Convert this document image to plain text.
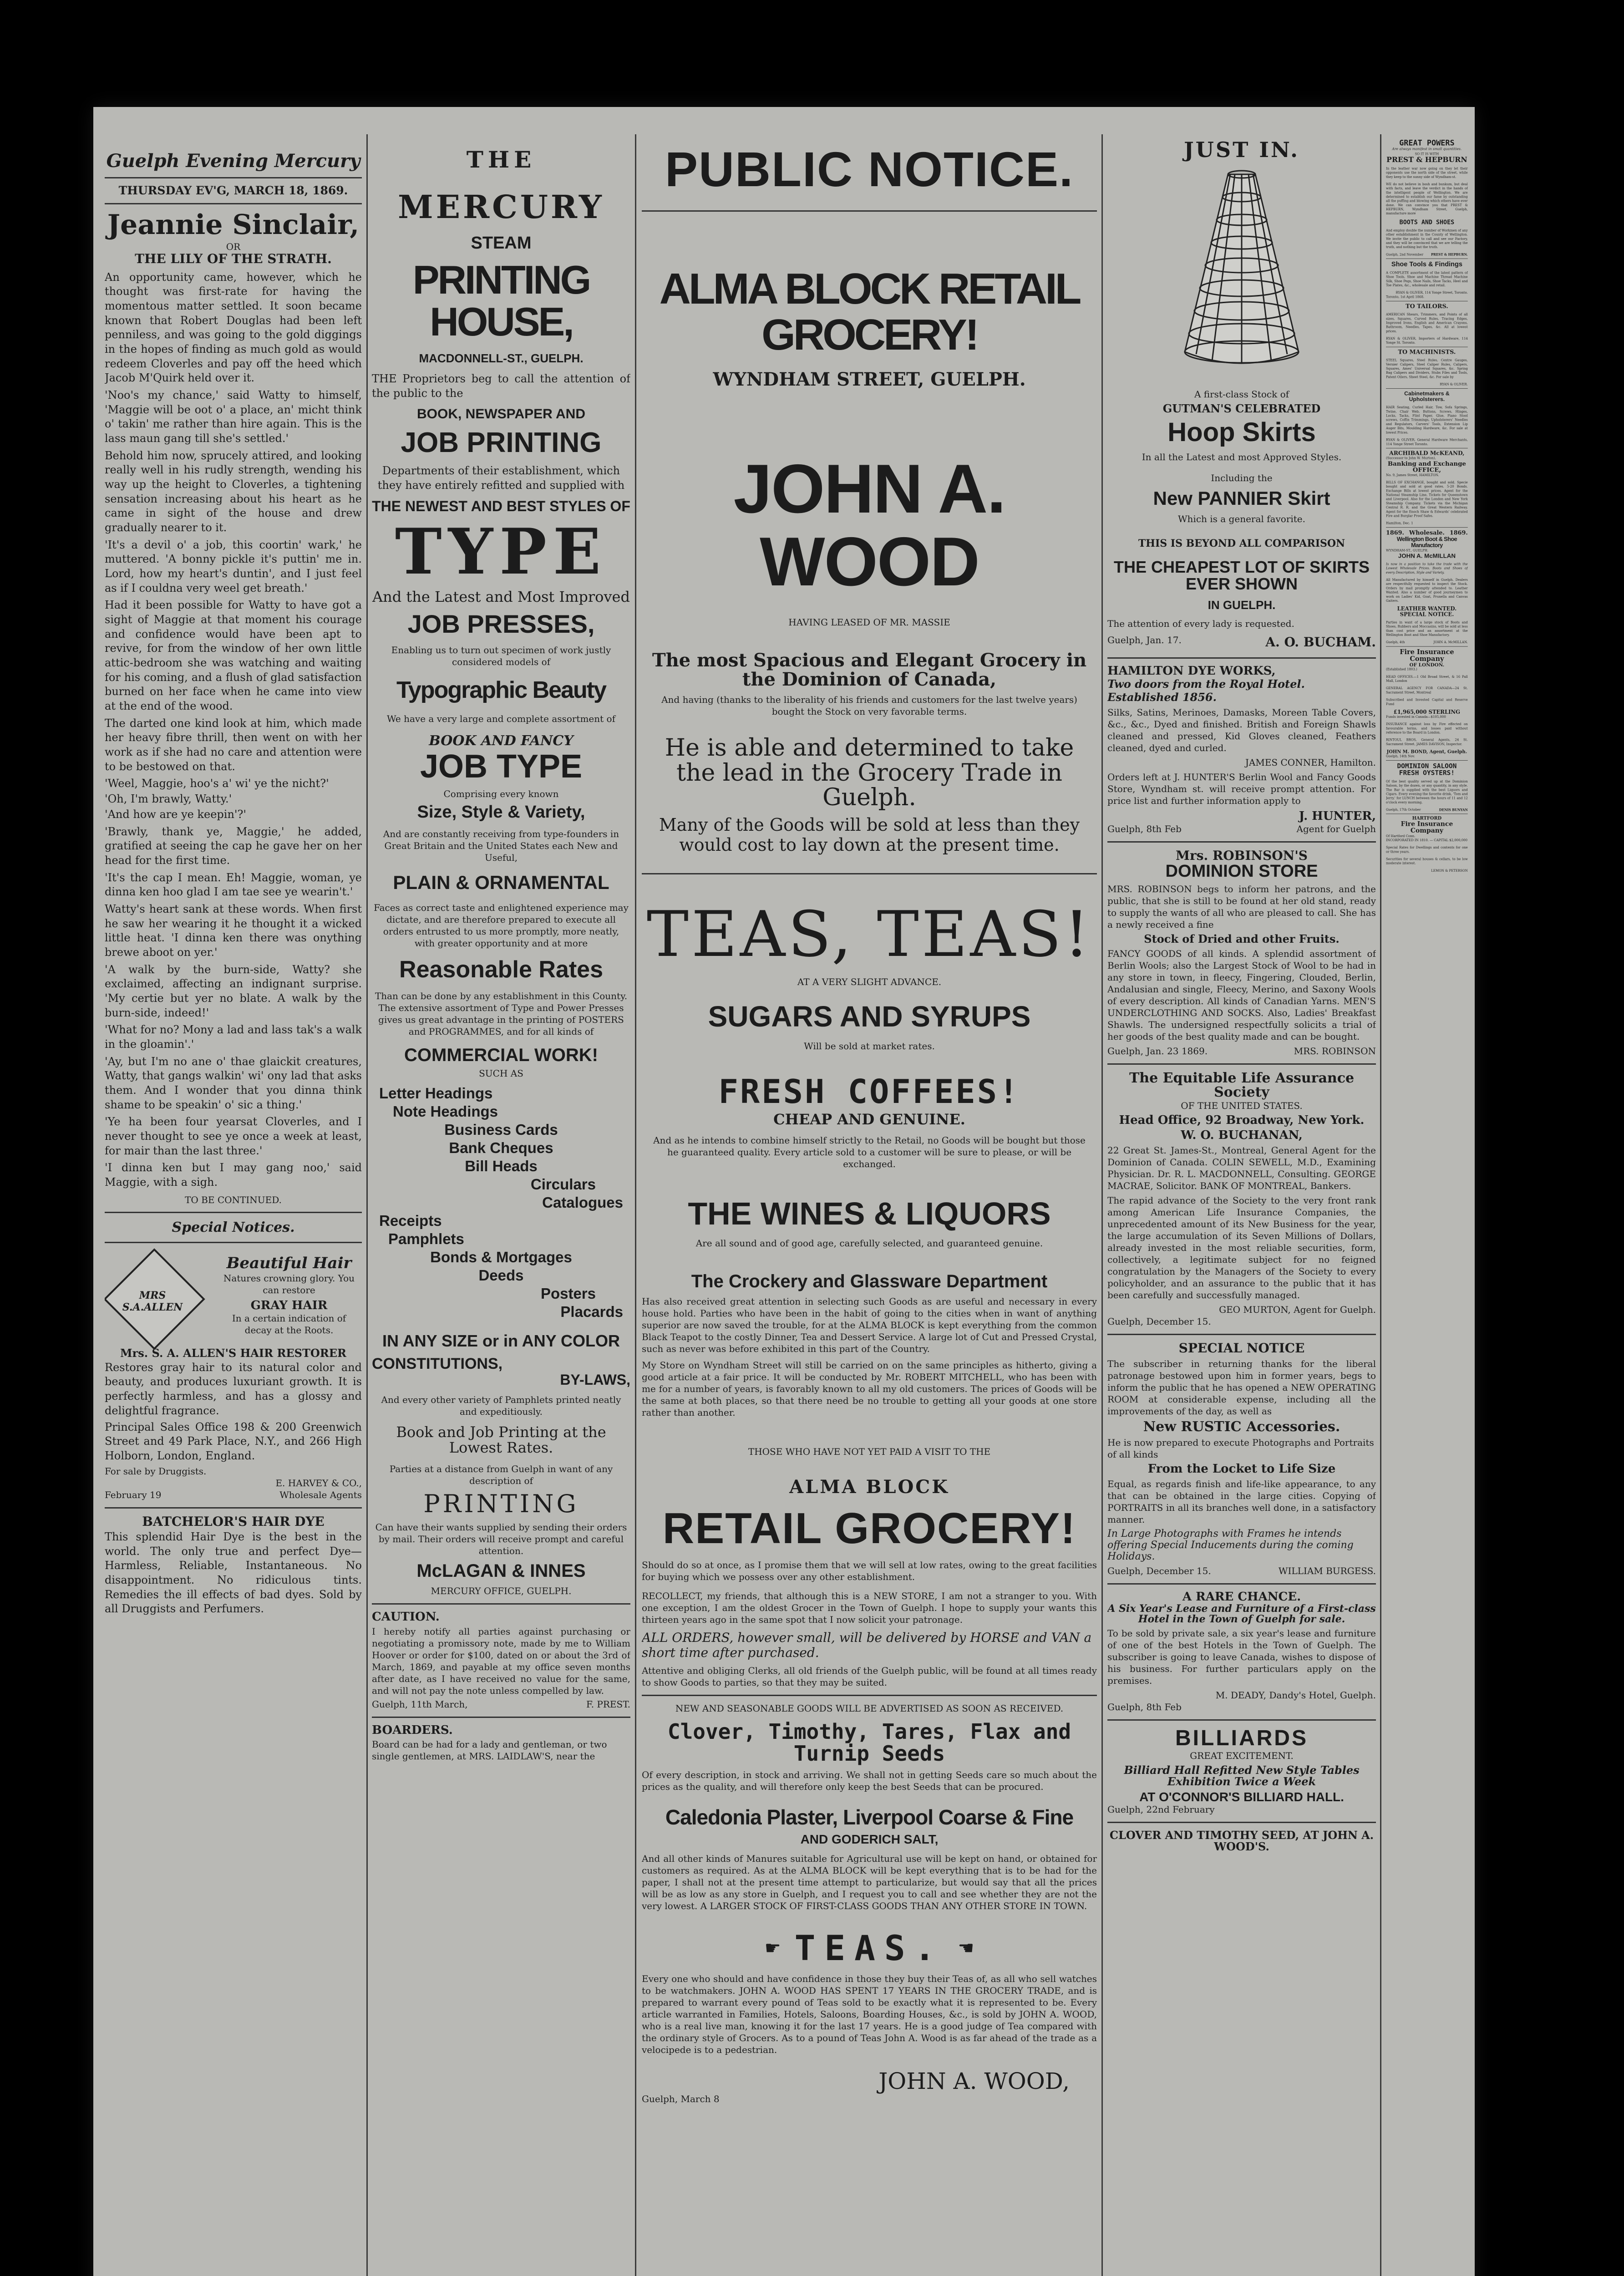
Guelph Evening Mercury
THURSDAY EV'G, MARCH 18, 1869.
Jeannie Sinclair,
OR
THE LILY OF THE STRATH.

An opportunity came, however, which he thought was first-rate for having the momentous matter settled. It soon became known that Robert Douglas had been left penniless, and was going to the gold diggings in the hopes of finding as much gold as would redeem Cloverles and pay off the heed which Jacob M'Quirk held over it.

'Noo's my chance,' said Watty to himself, 'Maggie will be oot o' a place, an' micht think o' takin' me rather than hire again. This is the lass maun gang till she's settled.'

Behold him now, sprucely attired, and looking really well in his rudly strength, wending his way up the height to Cloverles, a tightening sensation increasing about his heart as he came in sight of the house and drew gradually nearer to it.

'It's a devil o' a job, this coortin' wark,' he muttered. 'A bonny pickle it's puttin' me in. Lord, how my heart's duntin', and I just feel as if I couldna very weel get breath.'

Had it been possible for Watty to have got a sight of Maggie at that moment his courage and confidence would have been apt to revive, for from the window of her own little attic-bedroom she was watching and waiting for his coming, and a flush of glad satisfaction burned on her face when he came into view at the end of the wood.

The darted one kind look at him, which made her heavy fibre thrill, then went on with her work as if she had no care and attention were to be bestowed on that.

'Weel, Maggie, hoo's a' wi' ye the nicht?'

'Oh, I'm brawly, Watty.'

'And how are ye keepin'?'

'Brawly, thank ye, Maggie,' he added, gratified at seeing the cap he gave her on her head for the first time.

'It's the cap I mean. Eh! Maggie, woman, ye dinna ken hoo glad I am tae see ye wearin't.'

Watty's heart sank at these words. When first he saw her wearing it he thought it a wicked little heat. 'I dinna ken there was onything brewe aboot on yer.'

'A walk by the burn-side, Watty? she exclaimed, affecting an indignant surprise. 'My certie but yer no blate. A walk by the burn-side, indeed!'

'What for no? Mony a lad and lass tak's a walk in the gloamin'.'

'Ay, but I'm no ane o' thae glaickit creatures, Watty, that gangs walkin' wi' ony lad that asks them. And I wonder that you dinna think shame to be speakin' o' sic a thing.'

'Ye ha been four yearsat Cloverles, and I never thought to see ye once a week at least, for mair than the last three.'

'I dinna ken but I may gang noo,' said Maggie, with a sigh.

TO BE CONTINUED.
Special Notices.
MRS S.A.ALLEN
Beautiful Hair
Natures crowning glory. You can restore
GRAY HAIR
In a certain indication of decay at the Roots.
Mrs. S. A. ALLEN'S HAIR RESTORER

Restores gray hair to its natural color and beauty, and produces luxuriant growth. It is perfectly harmless, and has a glossy and delightful fragrance.

Principal Sales Office 198 & 200 Greenwich Street and 49 Park Place, N.Y., and 266 High Holborn, London, England.

For sale by Druggists.
E. HARVEY & CO.,
February 19	Wholesale Agents
BATCHELOR'S HAIR DYE

This splendid Hair Dye is the best in the world. The only true and perfect Dye—Harmless, Reliable, Instantaneous. No disappointment. No ridiculous tints. Remedies the ill effects of bad dyes. Sold by all Druggists and Perfumers.

THE
MERCURY
STEAM
PRINTING HOUSE,
MACDONNELL-ST., GUELPH.

THE Proprietors beg to call the attention of the public to the

BOOK, NEWSPAPER AND
JOB PRINTING

Departments of their establishment, which they have entirely refitted and supplied with

THE NEWEST AND BEST STYLES OF
TYPE
And the Latest and Most Improved
JOB PRESSES,

Enabling us to turn out specimen of work justly considered models of

Typographic Beauty

We have a very large and complete assortment of

BOOK AND FANCY
JOB TYPE
Comprising every known
Size, Style & Variety,

And are constantly receiving from type-founders in Great Britain and the United States each New and Useful,

PLAIN & ORNAMENTAL

Faces as correct taste and enlightened experience may dictate, and are therefore prepared to execute all orders entrusted to us more promptly, more neatly, with greater opportunity and at more

Reasonable Rates

Than can be done by any establishment in this County. The extensive assortment of Type and Power Presses gives us great advantage in the printing of POSTERS and PROGRAMMES, and for all kinds of

COMMERCIAL WORK!
SUCH AS
Letter Headings
Note Headings
Business Cards
Bank Cheques
Bill Heads
Circulars
Catalogues
Receipts
Pamphlets
Bonds & Mortgages
Deeds
Posters
Placards
IN ANY SIZE or in ANY COLOR
CONSTITUTIONS,
BY-LAWS,

And every other variety of Pamphlets printed neatly and expeditiously.

Book and Job Printing at the Lowest Rates.

Parties at a distance from Guelph in want of any description of

PRINTING

Can have their wants supplied by sending their orders by mail. Their orders will receive prompt and careful attention.

McLAGAN & INNES
MERCURY OFFICE, GUELPH.
CAUTION.

I hereby notify all parties against purchasing or negotiating a promissory note, made by me to William Hoover or order for $100, dated on or about the 3rd of March, 1869, and payable at my office seven months after date, as I have received no value for the same, and will not pay the note unless compelled by law.

Guelph, 11th March,	F. PREST.
BOARDERS.

Board can be had for a lady and gentleman, or two single gentlemen, at MRS. LAIDLAW'S, near the

PUBLIC NOTICE.
ALMA BLOCK RETAIL GROCERY!
WYNDHAM STREET, GUELPH.
JOHN A. WOOD
HAVING LEASED OF MR. MASSIE
The most Spacious and Elegant Grocery in the Dominion of Canada,

And having (thanks to the liberality of his friends and customers for the last twelve years) bought the Stock on very favorable terms.

He is able and determined to take the lead in the Grocery Trade in Guelph.
Many of the Goods will be sold at less than they would cost to lay down at the present time.
TEAS, TEAS!
AT A VERY SLIGHT ADVANCE.
SUGARS AND SYRUPS
Will be sold at market rates.
FRESH COFFEES!
CHEAP AND GENUINE.

And as he intends to combine himself strictly to the Retail, no Goods will be bought but those he guaranteed quality. Every article sold to a customer will be sure to please, or will be exchanged.

THE WINES & LIQUORS
Are all sound and of good age, carefully selected, and guaranteed genuine.
The Crockery and Glassware Department

Has also received great attention in selecting such Goods as are useful and necessary in every house hold. Parties who have been in the habit of going to the cities when in want of anything superior are now saved the trouble, for at the ALMA BLOCK is kept everything from the common Black Teapot to the costly Dinner, Tea and Dessert Service. A large lot of Cut and Pressed Crystal, such as never was before exhibited in this part of the Country.

My Store on Wyndham Street will still be carried on on the same principles as hitherto, giving a good article at a fair price. It will be conducted by Mr. ROBERT MITCHELL, who has been with me for a number of years, is favorably known to all my old customers. The prices of Goods will be the same at both places, so that there need be no trouble to getting all your goods at one store rather than another.

THOSE WHO HAVE NOT YET PAID A VISIT TO THE
ALMA BLOCK
RETAIL GROCERY!

Should do so at once, as I promise them that we will sell at low rates, owing to the great facilities for buying which we possess over any other establishment.

RECOLLECT, my friends, that although this is a NEW STORE, I am not a stranger to you. With one exception, I am the oldest Grocer in the Town of Guelph. I hope to supply your wants this thirteen years ago in the same spot that I now solicit your patronage.

ALL ORDERS, however small, will be delivered by HORSE and VAN a short time after purchased.

Attentive and obliging Clerks, all old friends of the Guelph public, will be found at all times ready to show Goods to parties, so that they may be suited.

NEW AND SEASONABLE GOODS WILL BE ADVERTISED AS SOON AS RECEIVED.
Clover, Timothy, Tares, Flax and Turnip Seeds

Of every description, in stock and arriving. We shall not in getting Seeds care so much about the prices as the quality, and will therefore only keep the best Seeds that can be procured.

Caledonia Plaster, Liverpool Coarse & Fine
AND GODERICH SALT,

And all other kinds of Manures suitable for Agricultural use will be kept on hand, or obtained for customers as required. As at the ALMA BLOCK will be kept everything that is to be had for the paper, I shall not at the present time attempt to particularize, but would say that all the prices will be as low as any store in Guelph, and I request you to call and see whether they are not the very lowest. A LARGER STOCK OF FIRST-CLASS GOODS THAN ANY OTHER STORE IN TOWN.

☛ TEAS. ☚

Every one who should and have confidence in those they buy their Teas of, as all who sell watches to be watchmakers. JOHN A. WOOD HAS SPENT 17 YEARS IN THE GROCERY TRADE, and is prepared to warrant every pound of Teas sold to be exactly what it is represented to be. Every article warranted in Families, Hotels, Saloons, Boarding Houses, &c., is sold by JOHN A. WOOD, who is a real live man, knowing it for the last 17 years. He is a good judge of Tea compared with the ordinary style of Grocers. As to a pound of Teas John A. Wood is as far ahead of the trade as a velocipede is to a pedestrian.

JOHN A. WOOD,
Guelph, March 8
JUST IN.
A first-class Stock of
GUTMAN'S CELEBRATED
Hoop Skirts
In all the Latest and most Approved Styles.
Including the
New PANNIER Skirt
Which is a general favorite.
THIS IS BEYOND ALL COMPARISON
THE CHEAPEST LOT OF SKIRTS EVER SHOWN
IN GUELPH.
The attention of every lady is requested.
Guelph, Jan. 17.	A. O. BUCHAM.
HAMILTON DYE WORKS,
Two doors from the Royal Hotel. Established 1856.

Silks, Satins, Merinoes, Damasks, Moreen Table Covers, &c., &c., Dyed and finished. British and Foreign Shawls cleaned and pressed, Kid Gloves cleaned, Feathers cleaned, dyed and curled.

JAMES CONNER, Hamilton.

Orders left at J. HUNTER'S Berlin Wool and Fancy Goods Store, Wyndham st. will receive prompt attention. For price list and further information apply to

J. HUNTER,
Guelph, 8th Feb	Agent for Guelph
Mrs. ROBINSON'S
DOMINION STORE

MRS. ROBINSON begs to inform her patrons, and the public, that she is still to be found at her old stand, ready to supply the wants of all who are pleased to call. She has a newly received a fine

Stock of Dried and other Fruits.

FANCY GOODS of all kinds. A splendid assortment of Berlin Wools; also the Largest Stock of Wool to be had in any store in town, in fleecy, Fingering, Clouded, Berlin, Andalusian and single, Fleecy, Merino, and Saxony Wools of every description. All kinds of Canadian Yarns. MEN'S UNDERCLOTHING AND SOCKS. Also, Ladies' Breakfast Shawls. The undersigned respectfully solicits a trial of her goods of the best quality made and can be bought.

Guelph, Jan. 23 1869.	MRS. ROBINSON
The Equitable Life Assurance Society
OF THE UNITED STATES.
Head Office, 92 Broadway, New York.
W. O. BUCHANAN,

22 Great St. James-St., Montreal, General Agent for the Dominion of Canada. COLIN SEWELL, M.D., Examining Physician. Dr. R. L. MACDONNELL, Consulting. GEORGE MACRAE, Solicitor. BANK OF MONTREAL, Bankers.

The rapid advance of the Society to the very front rank among American Life Insurance Companies, the unprecedented amount of its New Business for the year, the large accumulation of its Seven Millions of Dollars, already invested in the most reliable securities, form, collectively, a legitimate subject for no feigned congratulation by the Managers of the Society to every policyholder, and an assurance to the public that it has been carefully and successfully managed.

GEO MURTON, Agent for Guelph.
Guelph, December 15.
SPECIAL NOTICE

The subscriber in returning thanks for the liberal patronage bestowed upon him in former years, begs to inform the public that he has opened a NEW OPERATING ROOM at considerable expense, including all the improvements of the day, as well as

New RUSTIC Accessories.

He is now prepared to execute Photographs and Portraits of all kinds

From the Locket to Life Size

Equal, as regards finish and life-like appearance, to any that can be obtained in the large cities. Copying of PORTRAITS in all its branches well done, in a satisfactory manner.

In Large Photographs with Frames he intends offering Special Inducements during the coming Holidays.

Guelph, December 15.	WILLIAM BURGESS.
A RARE CHANCE.
A Six Year's Lease and Furniture of a First-class Hotel in the Town of Guelph for sale.

To be sold by private sale, a six year's lease and furniture of one of the best Hotels in the Town of Guelph. The subscriber is going to leave Canada, wishes to dispose of his business. For further particulars apply on the premises.

M. DEADY, Dandy's Hotel, Guelph.
Guelph, 8th Feb
BILLIARDS
GREAT EXCITEMENT.
Billiard Hall Refitted New Style Tables Exhibition Twice a Week
AT O'CONNOR'S BILLIARD HALL.
Guelph, 22nd February
CLOVER AND TIMOTHY SEED, AT JOHN A. WOOD'S.
GREAT POWERS
Are always manifest in small quantities.
SO IT IS WITH
PREST & HEPBURN

In the leather war now going on they let their opponents use the north side of the street, while they keep to the sunny side of Wyndham-st.

WE do not believe in bosh and bunkum, but deal with facts, and leave the verdict in the hands of the intelligent people of Wellington. We are determined to establish our fame by outstanding all the puffing and blowing which others have ever done. We can convince you that PREST & HEPBURN, Wyndham Street, Guelph, manufacture more

BOOTS AND SHOES

And employ double the number of Workmen of any other establishment in the County of Wellington. We invite the public to call and see our Factory, and they will be convinced that we are telling the truth, and nothing but the truth.

Guelph, 2nd November PREST & HEPBURN.
Shoe Tools & Findings

A COMPLETE assortment of the latest pattern of Shoe Tools, Shoe and Machine Thread Machine Silk, Shoe Pegs, Shoe Nails, Shoe Tacks, Heel and Toe Plates, &c., wholesale and retail.

RYAN & OLIVER, 114 Yonge Street, Toronto.
Toronto, 1st April 1868.
TO TAILORS.

AMERICAN Shears, Trimmers, and Points of all sizes, Squares, Curved Rules, Tracing Edges, Improved Irons, English and American Crayons, Bathroom, Needles, Tapes, &c. All at lowest prices.

RYAN & OLIVER, Importers of Hardware, 114 Yonge St. Toronto.
TO MACHINISTS.

STEEL Squares, Steel Rules, Centre Gauges, Vernier Calipers, Steel Caliper Rules, Calipers, Squares, Ames' Universal Squares, &c. Spring Bag Calipers and Dividers, Stubs Files and Tools, Patent Oilers, Sheet Steel, &c. For sale by

RYAN & OLIVER.
Cabinetmakers & Upholsterers.

HAIR Seating, Curled Hair, Tow, Sofa Springs, Twine, Chair Web, Buttons, Screws, Hinges, Locks, Tacks, Flint Paper, Glue, Piano Stool screws, Coffin Trimmings, Upholsterers' Needles and Regulators, Carvers' Tools, Extension Lip Auger Bits, Moulding Hardware, &c. For sale at lowest Prices.

RYAN & OLIVER, General Hardware Merchants, 114 Yonge Street Toronto.
ARCHIBALD McKEAND,
(Successor to John W. Murton),
Banking and Exchange OFFICE,
No. 9, James Street, HAMILTON.

BILLS OF EXCHANGE, bought and sold. Specie bought and sold at good rates. 5-20 Bonds. Exchange Bills at lowest prices. Agent for the National Steamship Line, Tickets for Queenstown and Liverpool. Also for the London and New York Steamship Company. Tickets via the Michigan Central R. R. and the Great Western Railway. Agent for the Enoch Shaw & Edwards' celebrated Fire and Burglar Proof Safes.

Hamilton, Dec. 1
1869. Wholesale. 1869.
Wellington Boot & Shoe Manufactory
WYNDHAM-ST., GUELPH.
JOHN A. McMILLAN

Is now in a position to take the trade with the Lowest Wholesale Prices. Boots and Shoes of every Description, Style and Variety.

All Manufactured by himself in Guelph. Dealers are respectfully requested to inspect the Stock. Orders by mail promptly attended to. Leather Wanted. Also a number of good journeymen to work on Ladies' Kid, Goat, Prunella and Canvas Gaiters.

LEATHER WANTED.
SPECIAL NOTICE.

Parties in want of a large stock of Boots and Shoes, Rubbers and Moccasins, will be sold at less than cost price and an assortment at the Wellington Boot and Shoe Manufactory.

Guelph, 4th	JOHN A. McMILLAN.
Fire Insurance Company
OF LONDON.
(Established 1803.)

HEAD OFFICES.—1 Old Broad Street, & 16 Pall Mall, London

GENERAL AGENCY FOR CANADA—24 St. Sacrament Street, Montreal

Subscribed and Invested Capital and Reserve Fund

£1,965,000 STERLING
Funds invested in Canada—$105,000

INSURANCE against loss by Fire effected on favourable terms, and losses paid without reference to the Board in London.

RINTOUL BROS, General Agents, 24 St. Sacrament Street. JAMES DAVISON, Inspector.

JOHN M. BOND, Agent, Guelph.
Guelph, 14th Nov.
DOMINION SALOON
FRESH OYSTERS!

Of the best quality served up at the Dominion Saloon, by the dozen, or any quantity, in any style. The Bar is supplied with the best Liquors and Cigars. Every evening the favorite drink, 'Tom and Jerry,' for LUNCH between the hours of 11 and 12 o'clock every morning.

Guelph, 17th October DENIS BUNYAN
HARTFORD
Fire Insurance Company
Of Hartford Conn.
INCORPORATED IN 1810. — CAPITAL $2,000,000

Special Rates for Dwellings and contents for one or three years.

Securities for several houses & cellars, to be low moderate interest.

LEMON & PETERSON
